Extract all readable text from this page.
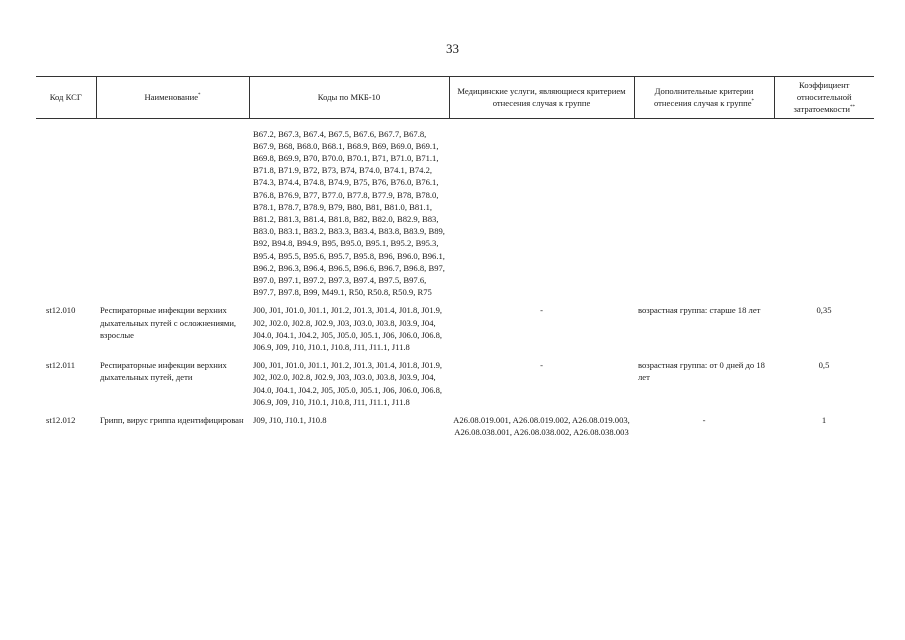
33
Код КСГ	Наименование*	Коды по МКБ-10	Медицинские услуги, являющиеся критерием отнесения случая к группе	Дополнительные критерии отнесения случая к группе*	Коэффициент относительной затратоемкости**

		B67.2, B67.3, B67.4, B67.5, B67.6, B67.7, B67.8, B67.9, B68, B68.0, B68.1, B68.9, B69, B69.0, B69.1, B69.8, B69.9, B70, B70.0, B70.1, B71, B71.0, B71.1, B71.8, B71.9, B72, B73, B74, B74.0, B74.1, B74.2, B74.3, B74.4, B74.8, B74.9, B75, B76, B76.0, B76.1, B76.8, B76.9, B77, B77.0, B77.8, B77.9, B78, B78.0, B78.1, B78.7, B78.9, B79, B80, B81, B81.0, B81.1, B81.2, B81.3, B81.4, B81.8, B82, B82.0, B82.9, B83, B83.0, B83.1, B83.2, B83.3, B83.4, B83.8, B83.9, B89, B92, B94.8, B94.9, B95, B95.0, B95.1, B95.2, B95.3, B95.4, B95.5, B95.6, B95.7, B95.8, B96, B96.0, B96.1, B96.2, B96.3, B96.4, B96.5, B96.6, B96.7, B96.8, B97, B97.0, B97.1, B97.2, B97.3, B97.4, B97.5, B97.6, B97.7, B97.8, B99, M49.1, R50, R50.8, R50.9, R75			
st12.010	Респираторные инфекции верхних дыхательных путей с осложнениями, взрослые	J00, J01, J01.0, J01.1, J01.2, J01.3, J01.4, J01.8, J01.9, J02, J02.0, J02.8, J02.9, J03, J03.0, J03.8, J03.9, J04, J04.0, J04.1, J04.2, J05, J05.0, J05.1, J06, J06.0, J06.8, J06.9, J09, J10, J10.1, J10.8, J11, J11.1, J11.8	-	возрастная группа: старше 18 лет	0,35
st12.011	Респираторные инфекции верхних дыхательных путей, дети	J00, J01, J01.0, J01.1, J01.2, J01.3, J01.4, J01.8, J01.9, J02, J02.0, J02.8, J02.9, J03, J03.0, J03.8, J03.9, J04, J04.0, J04.1, J04.2, J05, J05.0, J05.1, J06, J06.0, J06.8, J06.9, J09, J10, J10.1, J10.8, J11, J11.1, J11.8	-	возрастная группа: от 0 дней до 18 лет	0,5
st12.012	Грипп, вирус гриппа идентифицирован	J09, J10, J10.1, J10.8	A26.08.019.001, A26.08.019.002, A26.08.019.003, A26.08.038.001, A26.08.038.002, A26.08.038.003	-	1
